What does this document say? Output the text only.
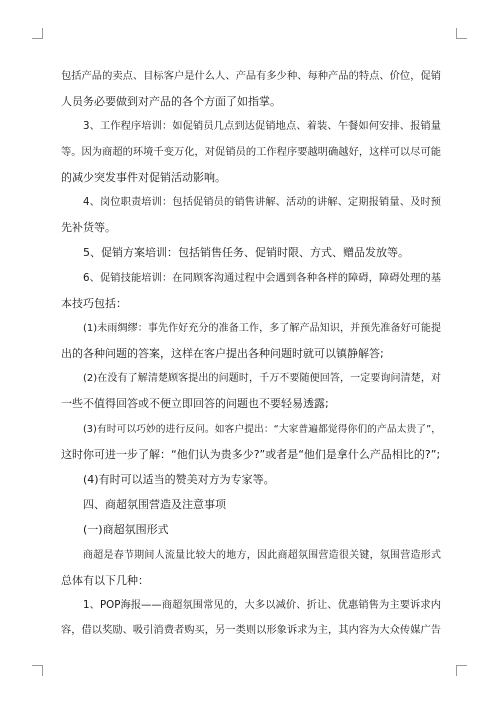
包括产品的卖点、目标客户是什么人、产品有多少种、每种产品的特点、价位，促销
人员务必要做到对产品的各个方面了如指掌。
3、工作程序培训：如促销员几点到达促销地点、着装、午餐如何安排、报销量
等。因为商超的环境千变万化，对促销员的工作程序要越明确越好，这样可以尽可能
的减少突发事件对促销活动影响。
4、岗位职责培训：包括促销员的销售讲解、活动的讲解、定期报销量、及时预
先补货等。
5、促销方案培训：包括销售任务、促销时限、方式、赠品发放等。
6、促销技能培训：在同顾客沟通过程中会遇到各种各样的障碍，障碍处理的基
本技巧包括：
(1)未雨绸缪：事先作好充分的准备工作，多了解产品知识，并预先准备好可能提
出的各种问题的答案，这样在客户提出各种问题时就可以镇静解答;
(2)在没有了解清楚顾客提出的问题时，千万不要随便回答，一定要询问清楚，对
一些不值得回答或不便立即回答的问题也不要轻易透露;
(3)有时可以巧妙的进行反问。如客户提出：“大家普遍都觉得你们的产品太贵了”，
这时你可进一步了解：“他们认为贵多少?”或者是“他们是拿什么产品相比的?”;
(4)有时可以适当的赞美对方为专家等。
四、商超氛围营造及注意事项
(一)商超氛围形式
商超是春节期间人流量比较大的地方，因此商超氛围营造很关键，氛围营造形式
总体有以下几种：
1、POP海报——商超氛围常见的，大多以减价、折让、优惠销售为主要诉求内
容，借以奖励、吸引消费者购买，另一类则以形象诉求为主，其内容为大众传媒广告
